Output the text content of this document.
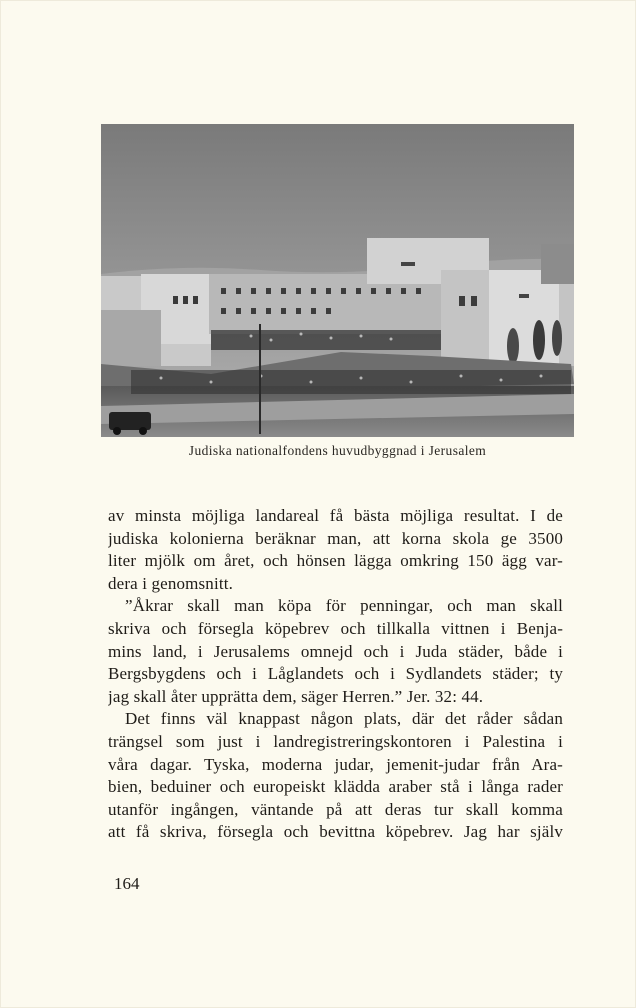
Judiska nationalfondens huvudbyggnad i Jerusalem
av minsta möjliga landareal få bästa möjliga resultat. I de
judiska kolonierna beräknar man, att korna skola ge 3500
liter mjölk om året, och hönsen lägga omkring 150 ägg var-
dera i genomsnitt.
”Åkrar skall man köpa för penningar, och man skall
skriva och försegla köpebrev och tillkalla vittnen i Benja-
mins land, i Jerusalems omnejd och i Juda städer, både i
Bergsbygdens och i Låglandets och i Sydlandets städer; ty
jag skall åter upprätta dem, säger Herren.” Jer. 32: 44.
Det finns väl knappast någon plats, där det råder sådan
trängsel som just i landregistreringskontoren i Palestina i
våra dagar. Tyska, moderna judar, jemenit-judar från Ara-
bien, beduiner och europeiskt klädda araber stå i långa rader
utanför ingången, väntande på att deras tur skall komma
att få skriva, försegla och bevittna köpebrev. Jag har själv
164
